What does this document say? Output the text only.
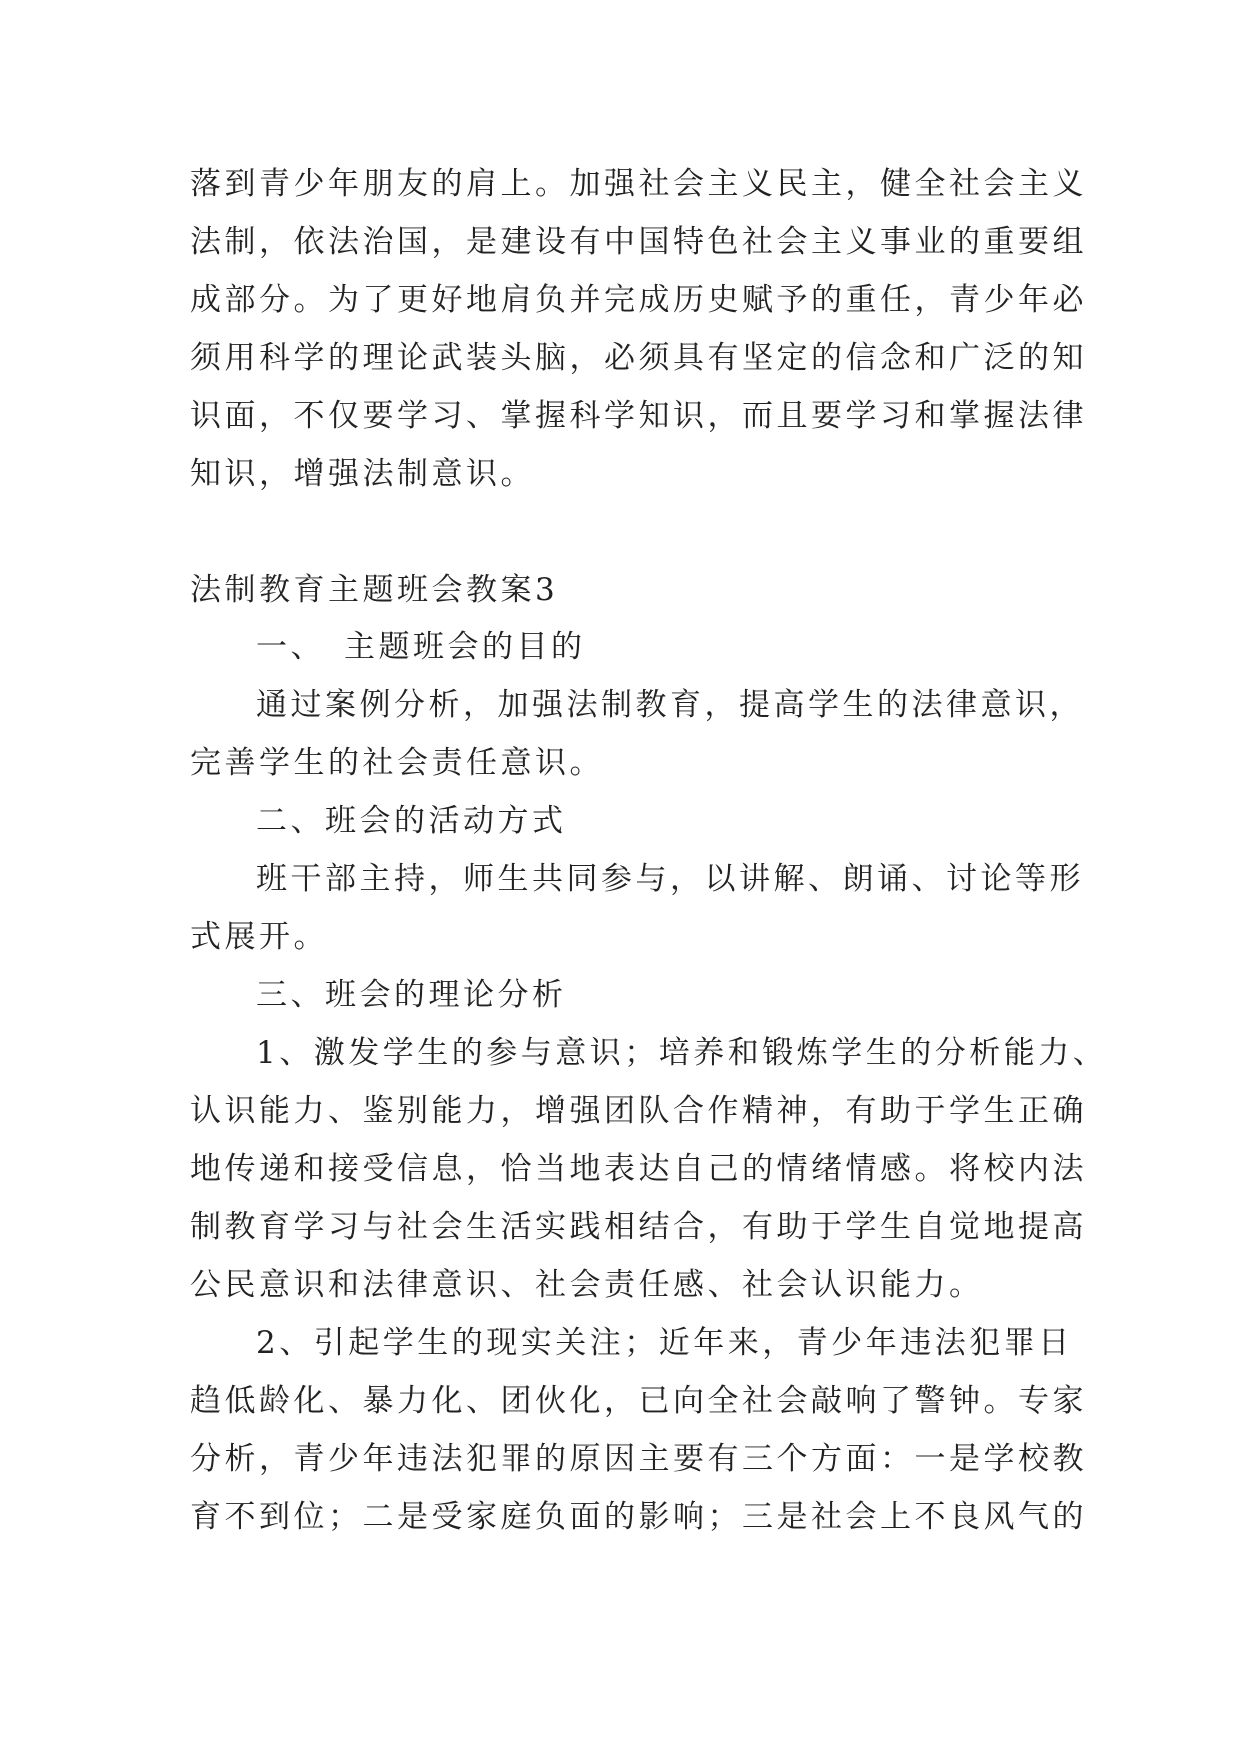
落到青少年朋友的肩上。加强社会主义民主，健全社会主义
法制，依法治国，是建设有中国特色社会主义事业的重要组
成部分。为了更好地肩负并完成历史赋予的重任，青少年必
须用科学的理论武装头脑，必须具有坚定的信念和广泛的知
识面，不仅要学习、掌握科学知识，而且要学习和掌握法律
知识，增强法制意识。
法制教育主题班会教案3
一、　主题班会的目的
通过案例分析，加强法制教育，提高学生的法律意识，
完善学生的社会责任意识。
二、班会的活动方式
班干部主持，师生共同参与，以讲解、朗诵、讨论等形
式展开。
三、班会的理论分析
1、激发学生的参与意识；培养和锻炼学生的分析能力、
认识能力、鉴别能力，增强团队合作精神，有助于学生正确
地传递和接受信息，恰当地表达自己的情绪情感。将校内法
制教育学习与社会生活实践相结合，有助于学生自觉地提高
公民意识和法律意识、社会责任感、社会认识能力。
2、引起学生的现实关注；近年来，青少年违法犯罪日
趋低龄化、暴力化、团伙化，已向全社会敲响了警钟。专家
分析，青少年违法犯罪的原因主要有三个方面：一是学校教
育不到位；二是受家庭负面的影响；三是社会上不良风气的
